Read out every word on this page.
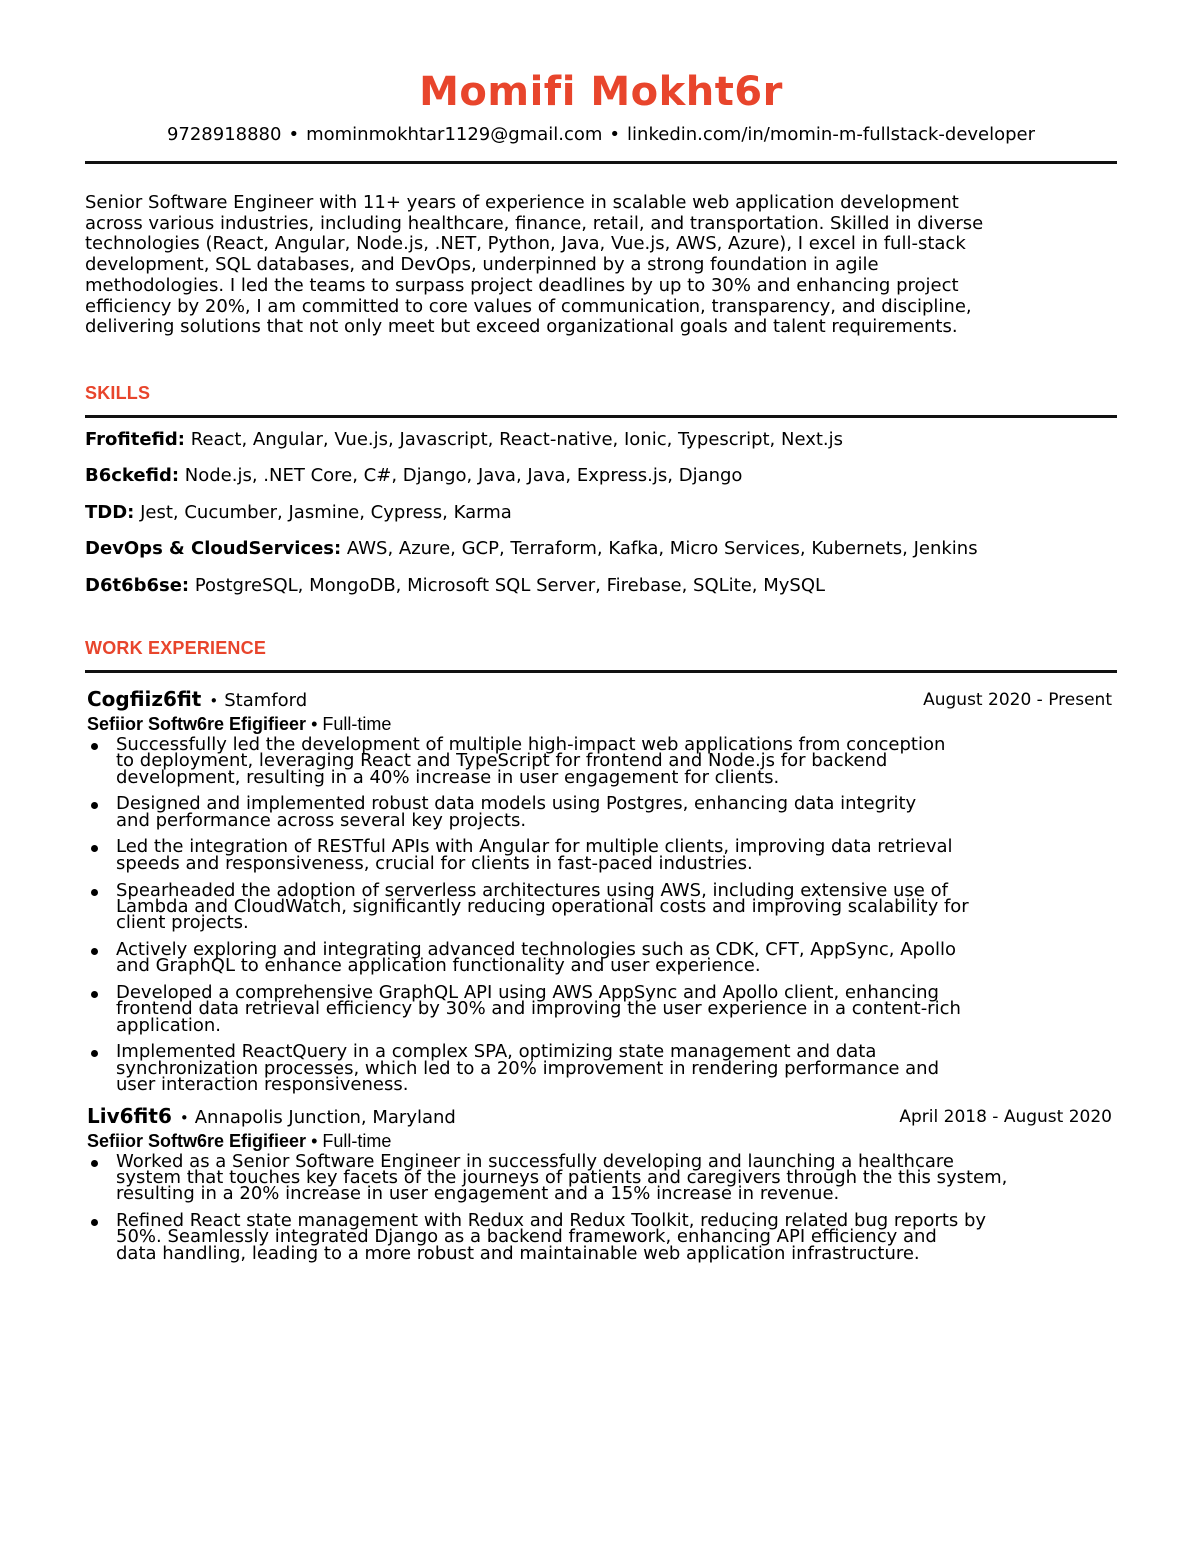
Momifi Mokht6r
9728918880 • mominmokhtar1129@gmail.com • linkedin.com/in/momin-m-fullstack-developer
Senior Software Engineer with 11+ years of experience in scalable web application development
across various industries, including healthcare, finance, retail, and transportation. Skilled in diverse
technologies (React, Angular, Node.js, .NET, Python, Java, Vue.js, AWS, Azure), I excel in full-stack
development, SQL databases, and DevOps, underpinned by a strong foundation in agile
methodologies. I led the teams to surpass project deadlines by up to 30% and enhancing project
efficiency by 20%, I am committed to core values of communication, transparency, and discipline,
delivering solutions that not only meet but exceed organizational goals and talent requirements.
SKILLS
Frofitefid: React, Angular, Vue.js, Javascript, React-native, Ionic, Typescript, Next.js
B6ckefid: Node.js, .NET Core, C#, Django, Java, Java, Express.js, Django
TDD: Jest, Cucumber, Jasmine, Cypress, Karma
DevOps & CloudServices: AWS, Azure, GCP, Terraform, Kafka, Micro Services, Kubernets, Jenkins
D6t6b6se: PostgreSQL, MongoDB, Microsoft SQL Server, Firebase, SQLite, MySQL
WORK EXPERIENCE
Cogfiiz6fit • Stamford	August 2020 - Present
Sefiior Softw6re Efigifieer • Full-time
Successfully led the development of multiple high-impact web applications from conception
to deployment, leveraging React and TypeScript for frontend and Node.js for backend
development, resulting in a 40% increase in user engagement for clients.
Designed and implemented robust data models using Postgres, enhancing data integrity
and performance across several key projects.
Led the integration of RESTful APIs with Angular for multiple clients, improving data retrieval
speeds and responsiveness, crucial for clients in fast-paced industries.
Spearheaded the adoption of serverless architectures using AWS, including extensive use of
Lambda and CloudWatch, significantly reducing operational costs and improving scalability for
client projects.
Actively exploring and integrating advanced technologies such as CDK, CFT, AppSync, Apollo
and GraphQL to enhance application functionality and user experience.
Developed a comprehensive GraphQL API using AWS AppSync and Apollo client, enhancing
frontend data retrieval efficiency by 30% and improving the user experience in a content-rich
application.
Implemented ReactQuery in a complex SPA, optimizing state management and data
synchronization processes, which led to a 20% improvement in rendering performance and
user interaction responsiveness.
Liv6fit6 • Annapolis Junction, Maryland	April 2018 - August 2020
Sefiior Softw6re Efigifieer • Full-time
Worked as a Senior Software Engineer in successfully developing and launching a healthcare
system that touches key facets of the journeys of patients and caregivers through the this system,
resulting in a 20% increase in user engagement and a 15% increase in revenue.
Refined React state management with Redux and Redux Toolkit, reducing related bug reports by
50%. Seamlessly integrated Django as a backend framework, enhancing API efficiency and
data handling, leading to a more robust and maintainable web application infrastructure.
